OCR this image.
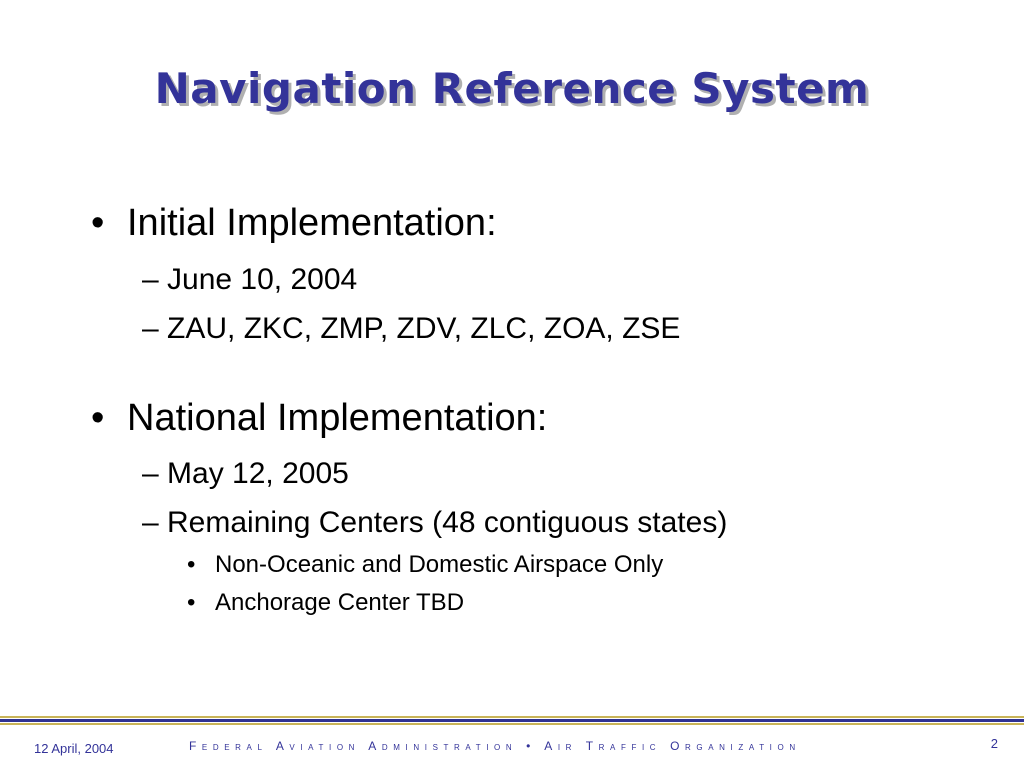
Navigation Reference System
• Initial Implementation:
– June 10, 2004
– ZAU, ZKC, ZMP, ZDV, ZLC, ZOA, ZSE
• National Implementation:
– May 12, 2005
– Remaining Centers (48 contiguous states)
• Non-Oceanic and Domestic Airspace Only
• Anchorage Center TBD
12 April, 2004	Federal Aviation Administration • Air Traffic Organization	2
